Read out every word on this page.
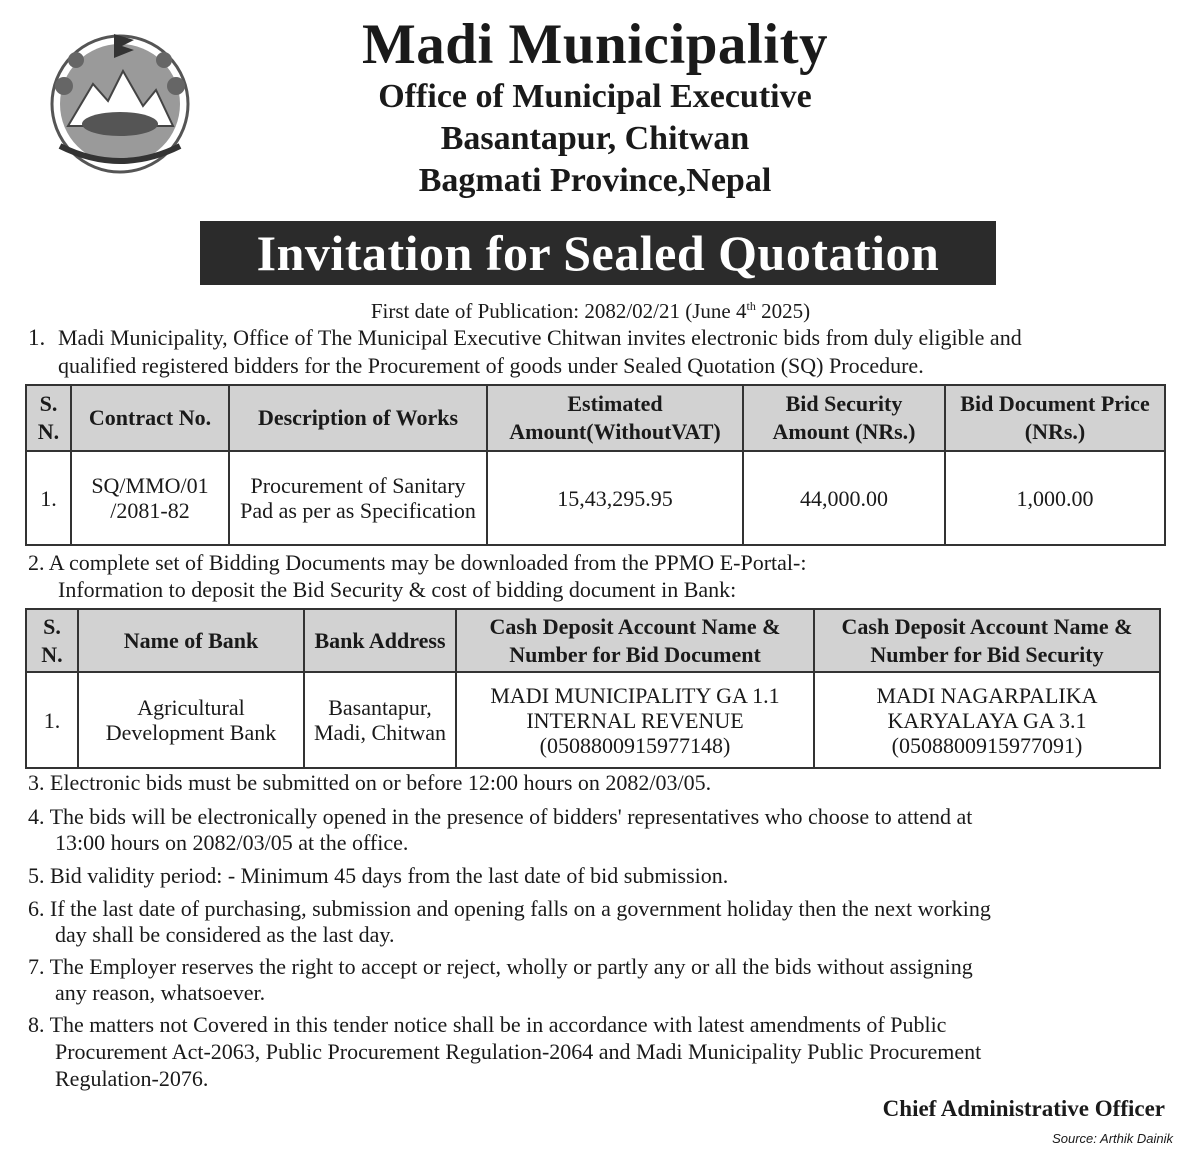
Madi Municipality
Office of Municipal Executive
Basantapur, Chitwan
Bagmati Province,Nepal
Invitation for Sealed Quotation
First date of Publication: 2082/02/21 (June 4th 2025)
1. Madi Municipality, Office of The Municipal Executive Chitwan invites electronic bids from duly eligible and
qualified registered bidders for the Procurement of goods under Sealed Quotation (SQ) Procedure.
S. N.	Contract No.	Description of Works	Estimated Amount(WithoutVAT)	Bid Security Amount (NRs.)	Bid Document Price (NRs.)
1.	SQ/MMO/01 /2081-82	Procurement of Sanitary Pad as per as Specification	15,43,295.95	44,000.00	1,000.00
2. A complete set of Bidding Documents may be downloaded from the PPMO E-Portal-:
Information to deposit the Bid Security & cost of bidding document in Bank:
S. N.	Name of Bank	Bank Address	Cash Deposit Account Name & Number for Bid Document	Cash Deposit Account Name & Number for Bid Security
1.	Agricultural Development Bank	Basantapur, Madi, Chitwan	MADI MUNICIPALITY GA 1.1 INTERNAL REVENUE (0508800915977148)	MADI NAGARPALIKA KARYALAYA GA 3.1 (0508800915977091)
3. Electronic bids must be submitted on or before 12:00 hours on 2082/03/05.
4. The bids will be electronically opened in the presence of bidders' representatives who choose to attend at
13:00 hours on 2082/03/05 at the office.
5. Bid validity period: - Minimum 45 days from the last date of bid submission.
6. If the last date of purchasing, submission and opening falls on a government holiday then the next working
day shall be considered as the last day.
7. The Employer reserves the right to accept or reject, wholly or partly any or all the bids without assigning
any reason, whatsoever.
8. The matters not Covered in this tender notice shall be in accordance with latest amendments of Public
Procurement Act-2063, Public Procurement Regulation-2064 and Madi Municipality Public Procurement
Regulation-2076.
Chief Administrative Officer
Source: Arthik Dainik
